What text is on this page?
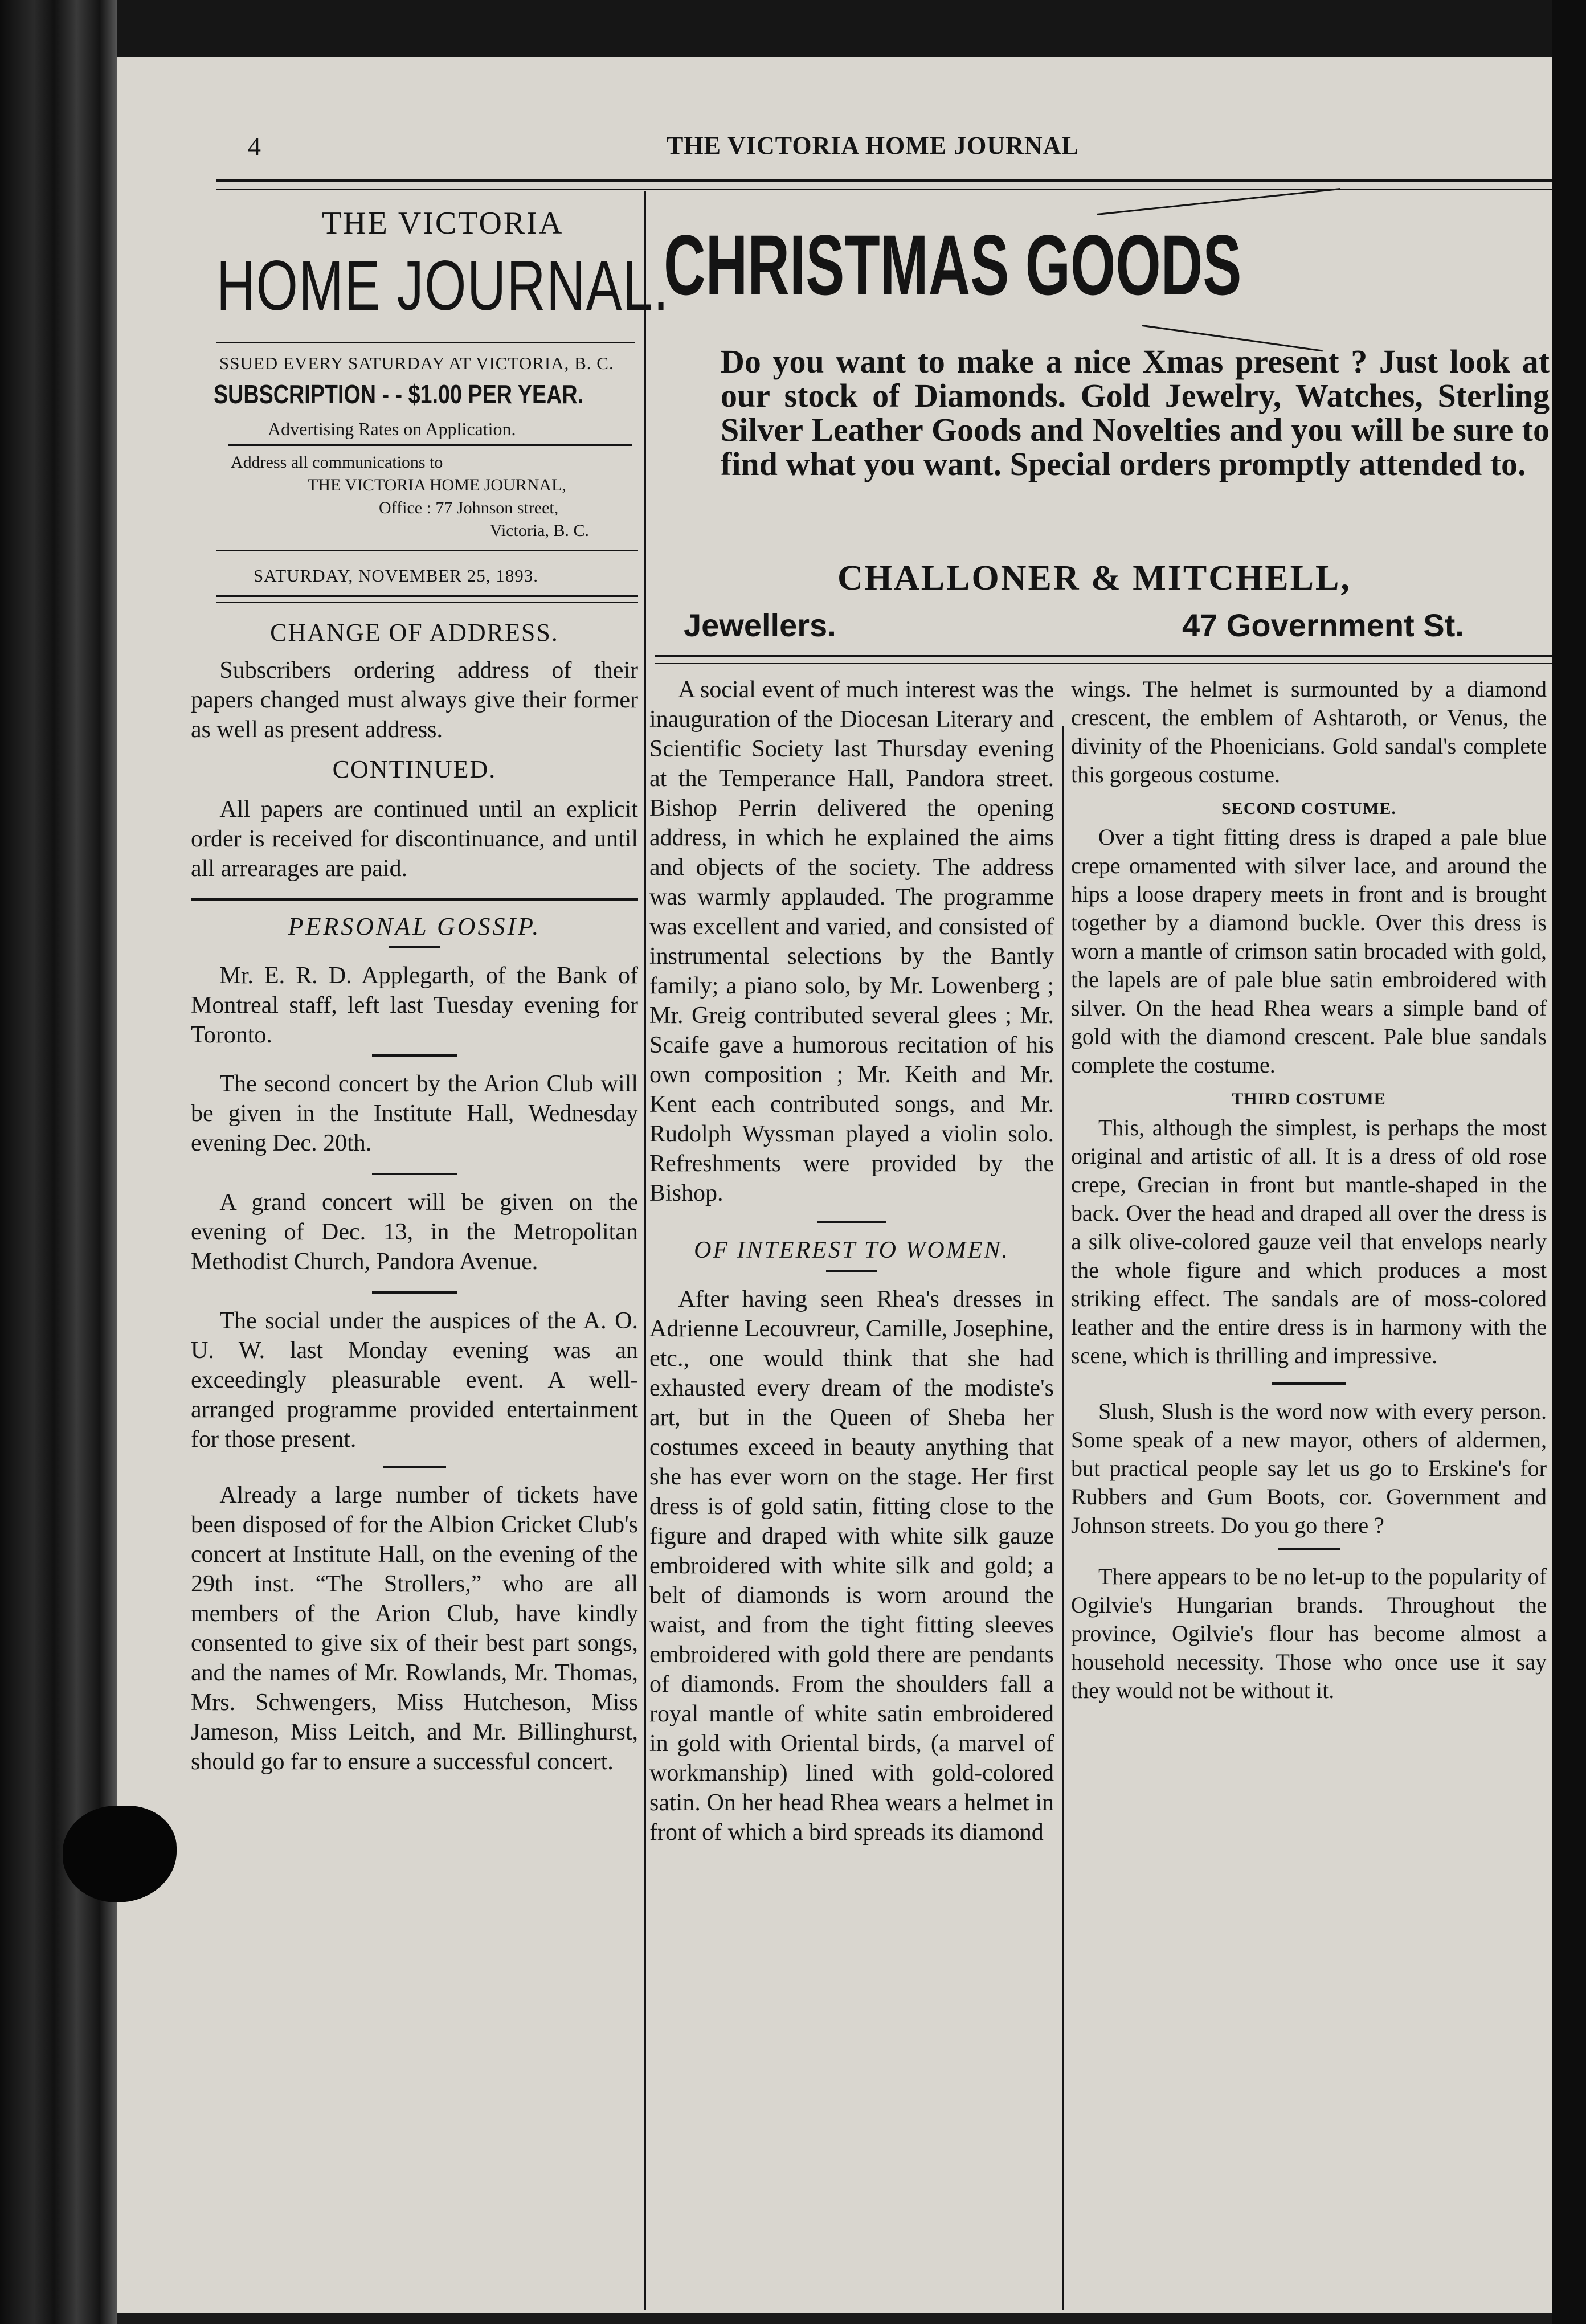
4	THE VICTORIA HOME JOURNAL
THE VICTORIA
HOME JOURNAL.
SSUED EVERY SATURDAY AT VICTORIA, B. C.
SUBSCRIPTION - - $1.00 PER YEAR.
Advertising Rates on Application.
Address all communications to
THE VICTORIA HOME JOURNAL,
Office : 77 Johnson street,
Victoria, B. C.
SATURDAY, NOVEMBER 25, 1893.
CHANGE OF ADDRESS.

Subscribers ordering address of their papers changed must always give their former as well as present address.

CONTINUED.

All papers are continued until an explicit order is received for discontinuance, and until all arrearages are paid.

PERSONAL GOSSIP.

Mr. E. R. D. Applegarth, of the Bank of Montreal staff, left last Tuesday evening for Toronto.

The second concert by the Arion Club will be given in the Institute Hall, Wednesday evening Dec. 20th.

A grand concert will be given on the evening of Dec. 13, in the Metropolitan Methodist Church, Pandora Avenue.

The social under the auspices of the A. O. U. W. last Monday evening was an exceedingly pleasurable event. A well-arranged programme provided entertainment for those present.

Already a large number of tickets have been disposed of for the Albion Cricket Club's concert at Institute Hall, on the evening of the 29th inst. “The Strollers,” who are all members of the Arion Club, have kindly consented to give six of their best part songs, and the names of Mr. Rowlands, Mr. Thomas, Mrs. Schwengers, Miss Hutcheson, Miss Jameson, Miss Leitch, and Mr. Billinghurst, should go far to ensure a successful concert.

CHRISTMAS GOODS
Do you want to make a nice Xmas present ? Just look at our stock of Diamonds. Gold Jewelry, Watches, Sterling Silver Leather Goods and Novelties and you will be sure to find what you want. Special orders promptly attended to.
CHALLONER & MITCHELL,
Jewellers.	47 Government St.

A social event of much interest was the inauguration of the Diocesan Literary and Scientific Society last Thursday evening at the Temperance Hall, Pandora street. Bishop Perrin delivered the opening address, in which he explained the aims and objects of the society. The address was warmly applauded. The programme was excellent and varied, and consisted of instrumental selections by the Bantly family; a piano solo, by Mr. Lowenberg ; Mr. Greig contributed several glees ; Mr. Scaife gave a humorous recitation of his own composition ; Mr. Keith and Mr. Kent each contributed songs, and Mr. Rudolph Wyssman played a violin solo. Refreshments were provided by the Bishop.

OF INTEREST TO WOMEN.

After having seen Rhea's dresses in Adrienne Lecouvreur, Camille, Josephine, etc., one would think that she had exhausted every dream of the modiste's art, but in the Queen of Sheba her costumes exceed in beauty anything that she has ever worn on the stage. Her first dress is of gold satin, fitting close to the figure and draped with white silk gauze embroidered with white silk and gold; a belt of diamonds is worn around the waist, and from the tight fitting sleeves embroidered with gold there are pendants of diamonds. From the shoulders fall a royal mantle of white satin embroidered in gold with Oriental birds, (a marvel of workmanship) lined with gold-colored satin. On her head Rhea wears a helmet in front of which a bird spreads its diamond

wings. The helmet is surmounted by a diamond crescent, the emblem of Ashtaroth, or Venus, the divinity of the Phoenicians. Gold sandal's complete this gorgeous costume.

SECOND COSTUME.

Over a tight fitting dress is draped a pale blue crepe ornamented with silver lace, and around the hips a loose drapery meets in front and is brought together by a diamond buckle. Over this dress is worn a mantle of crimson satin brocaded with gold, the lapels are of pale blue satin embroidered with silver. On the head Rhea wears a simple band of gold with the diamond crescent. Pale blue sandals complete the costume.

THIRD COSTUME

This, although the simplest, is perhaps the most original and artistic of all. It is a dress of old rose crepe, Grecian in front but mantle-shaped in the back. Over the head and draped all over the dress is a silk olive-colored gauze veil that envelops nearly the whole figure and which produces a most striking effect. The sandals are of moss-colored leather and the entire dress is in harmony with the scene, which is thrilling and impressive.

Slush, Slush is the word now with every person. Some speak of a new mayor, others of aldermen, but practical people say let us go to Erskine's for Rubbers and Gum Boots, cor. Government and Johnson streets. Do you go there ?

There appears to be no let-up to the popularity of Ogilvie's Hungarian brands. Throughout the province, Ogilvie's flour has become almost a household necessity. Those who once use it say they would not be without it.
